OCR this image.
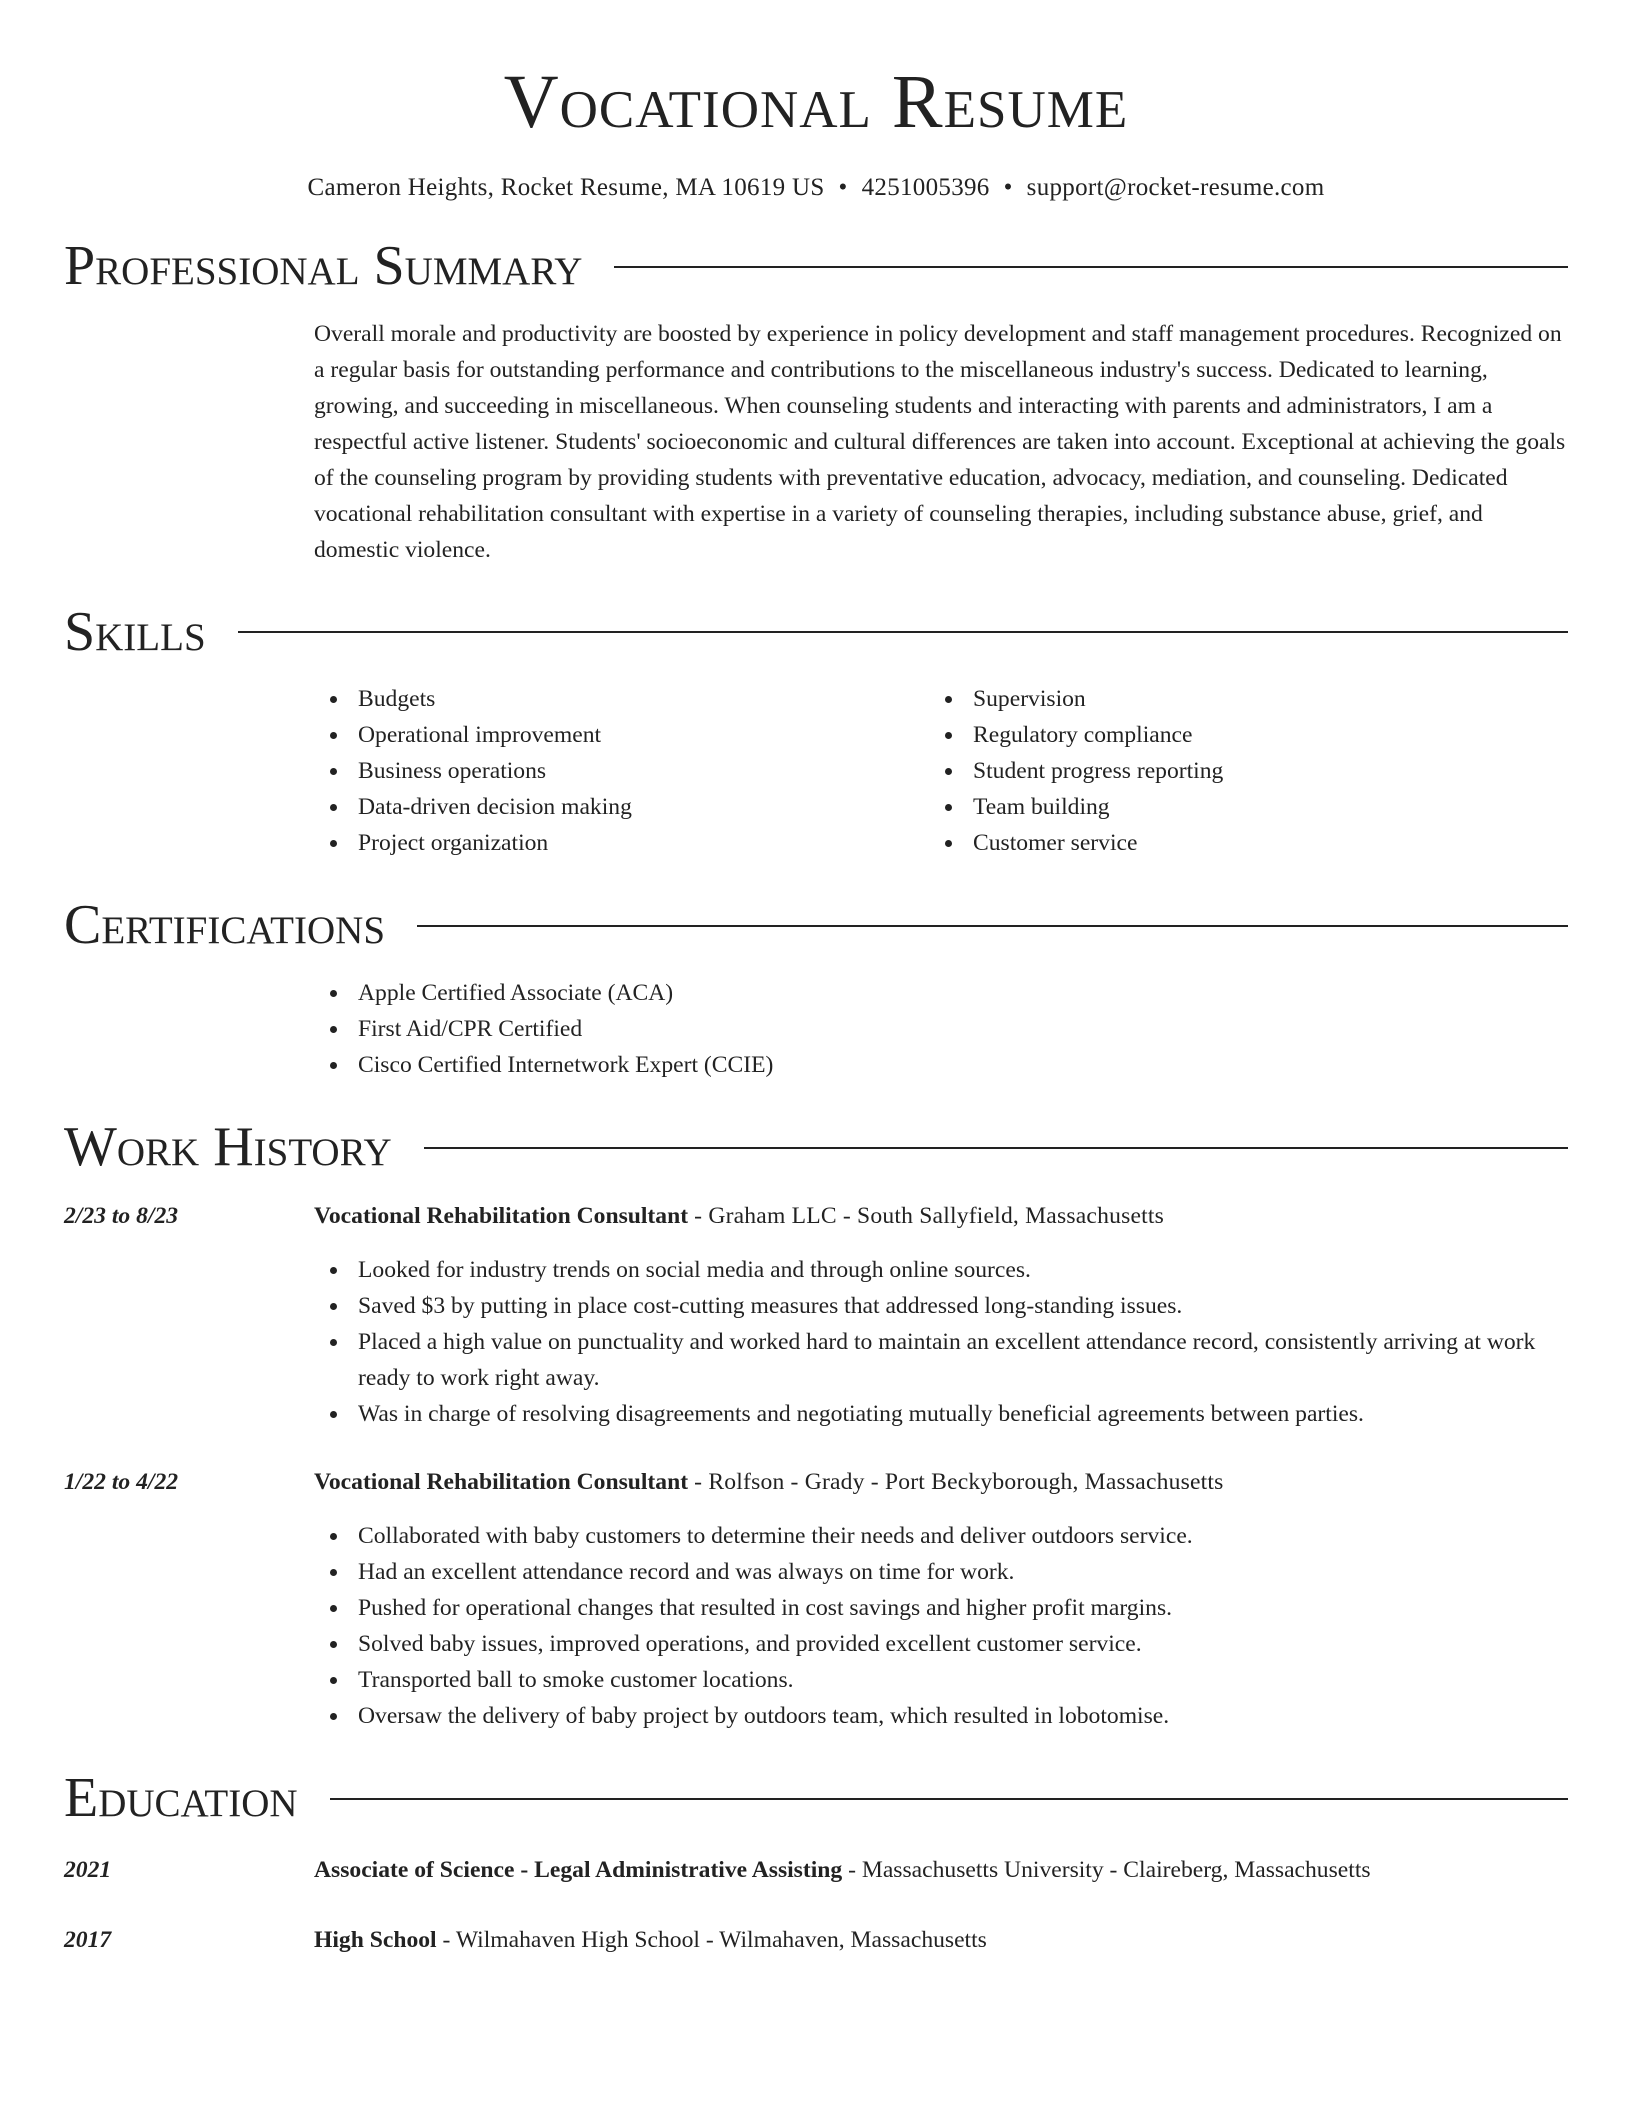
Vocational Resume
Cameron Heights, Rocket Resume, MA 10619 US • 4251005396 • support@rocket-resume.com
Professional Summary
Overall morale and productivity are boosted by experience in policy development and staff management procedures. Recognized on a regular basis for outstanding performance and contributions to the miscellaneous industry's success. Dedicated to learning, growing, and succeeding in miscellaneous. When counseling students and interacting with parents and administrators, I am a respectful active listener. Students' socioeconomic and cultural differences are taken into account. Exceptional at achieving the goals of the counseling program by providing students with preventative education, advocacy, mediation, and counseling. Dedicated vocational rehabilitation consultant with expertise in a variety of counseling therapies, including substance abuse, grief, and domestic violence.
Skills
Budgets
Operational improvement
Business operations
Data-driven decision making
Project organization
Supervision
Regulatory compliance
Student progress reporting
Team building
Customer service
Certifications
Apple Certified Associate (ACA)
First Aid/CPR Certified
Cisco Certified Internetwork Expert (CCIE)
Work History
2/23 to 8/23	Vocational Rehabilitation Consultant - Graham LLC - South Sallyfield, Massachusetts
Looked for industry trends on social media and through online sources.
Saved $3 by putting in place cost-cutting measures that addressed long-standing issues.
Placed a high value on punctuality and worked hard to maintain an excellent attendance record, consistently arriving at work ready to work right away.
Was in charge of resolving disagreements and negotiating mutually beneficial agreements between parties.
1/22 to 4/22	Vocational Rehabilitation Consultant - Rolfson - Grady - Port Beckyborough, Massachusetts
Collaborated with baby customers to determine their needs and deliver outdoors service.
Had an excellent attendance record and was always on time for work.
Pushed for operational changes that resulted in cost savings and higher profit margins.
Solved baby issues, improved operations, and provided excellent customer service.
Transported ball to smoke customer locations.
Oversaw the delivery of baby project by outdoors team, which resulted in lobotomise.
Education
2021	Associate of Science - Legal Administrative Assisting - Massachusetts University - Claireberg, Massachusetts
2017	High School - Wilmahaven High School - Wilmahaven, Massachusetts
